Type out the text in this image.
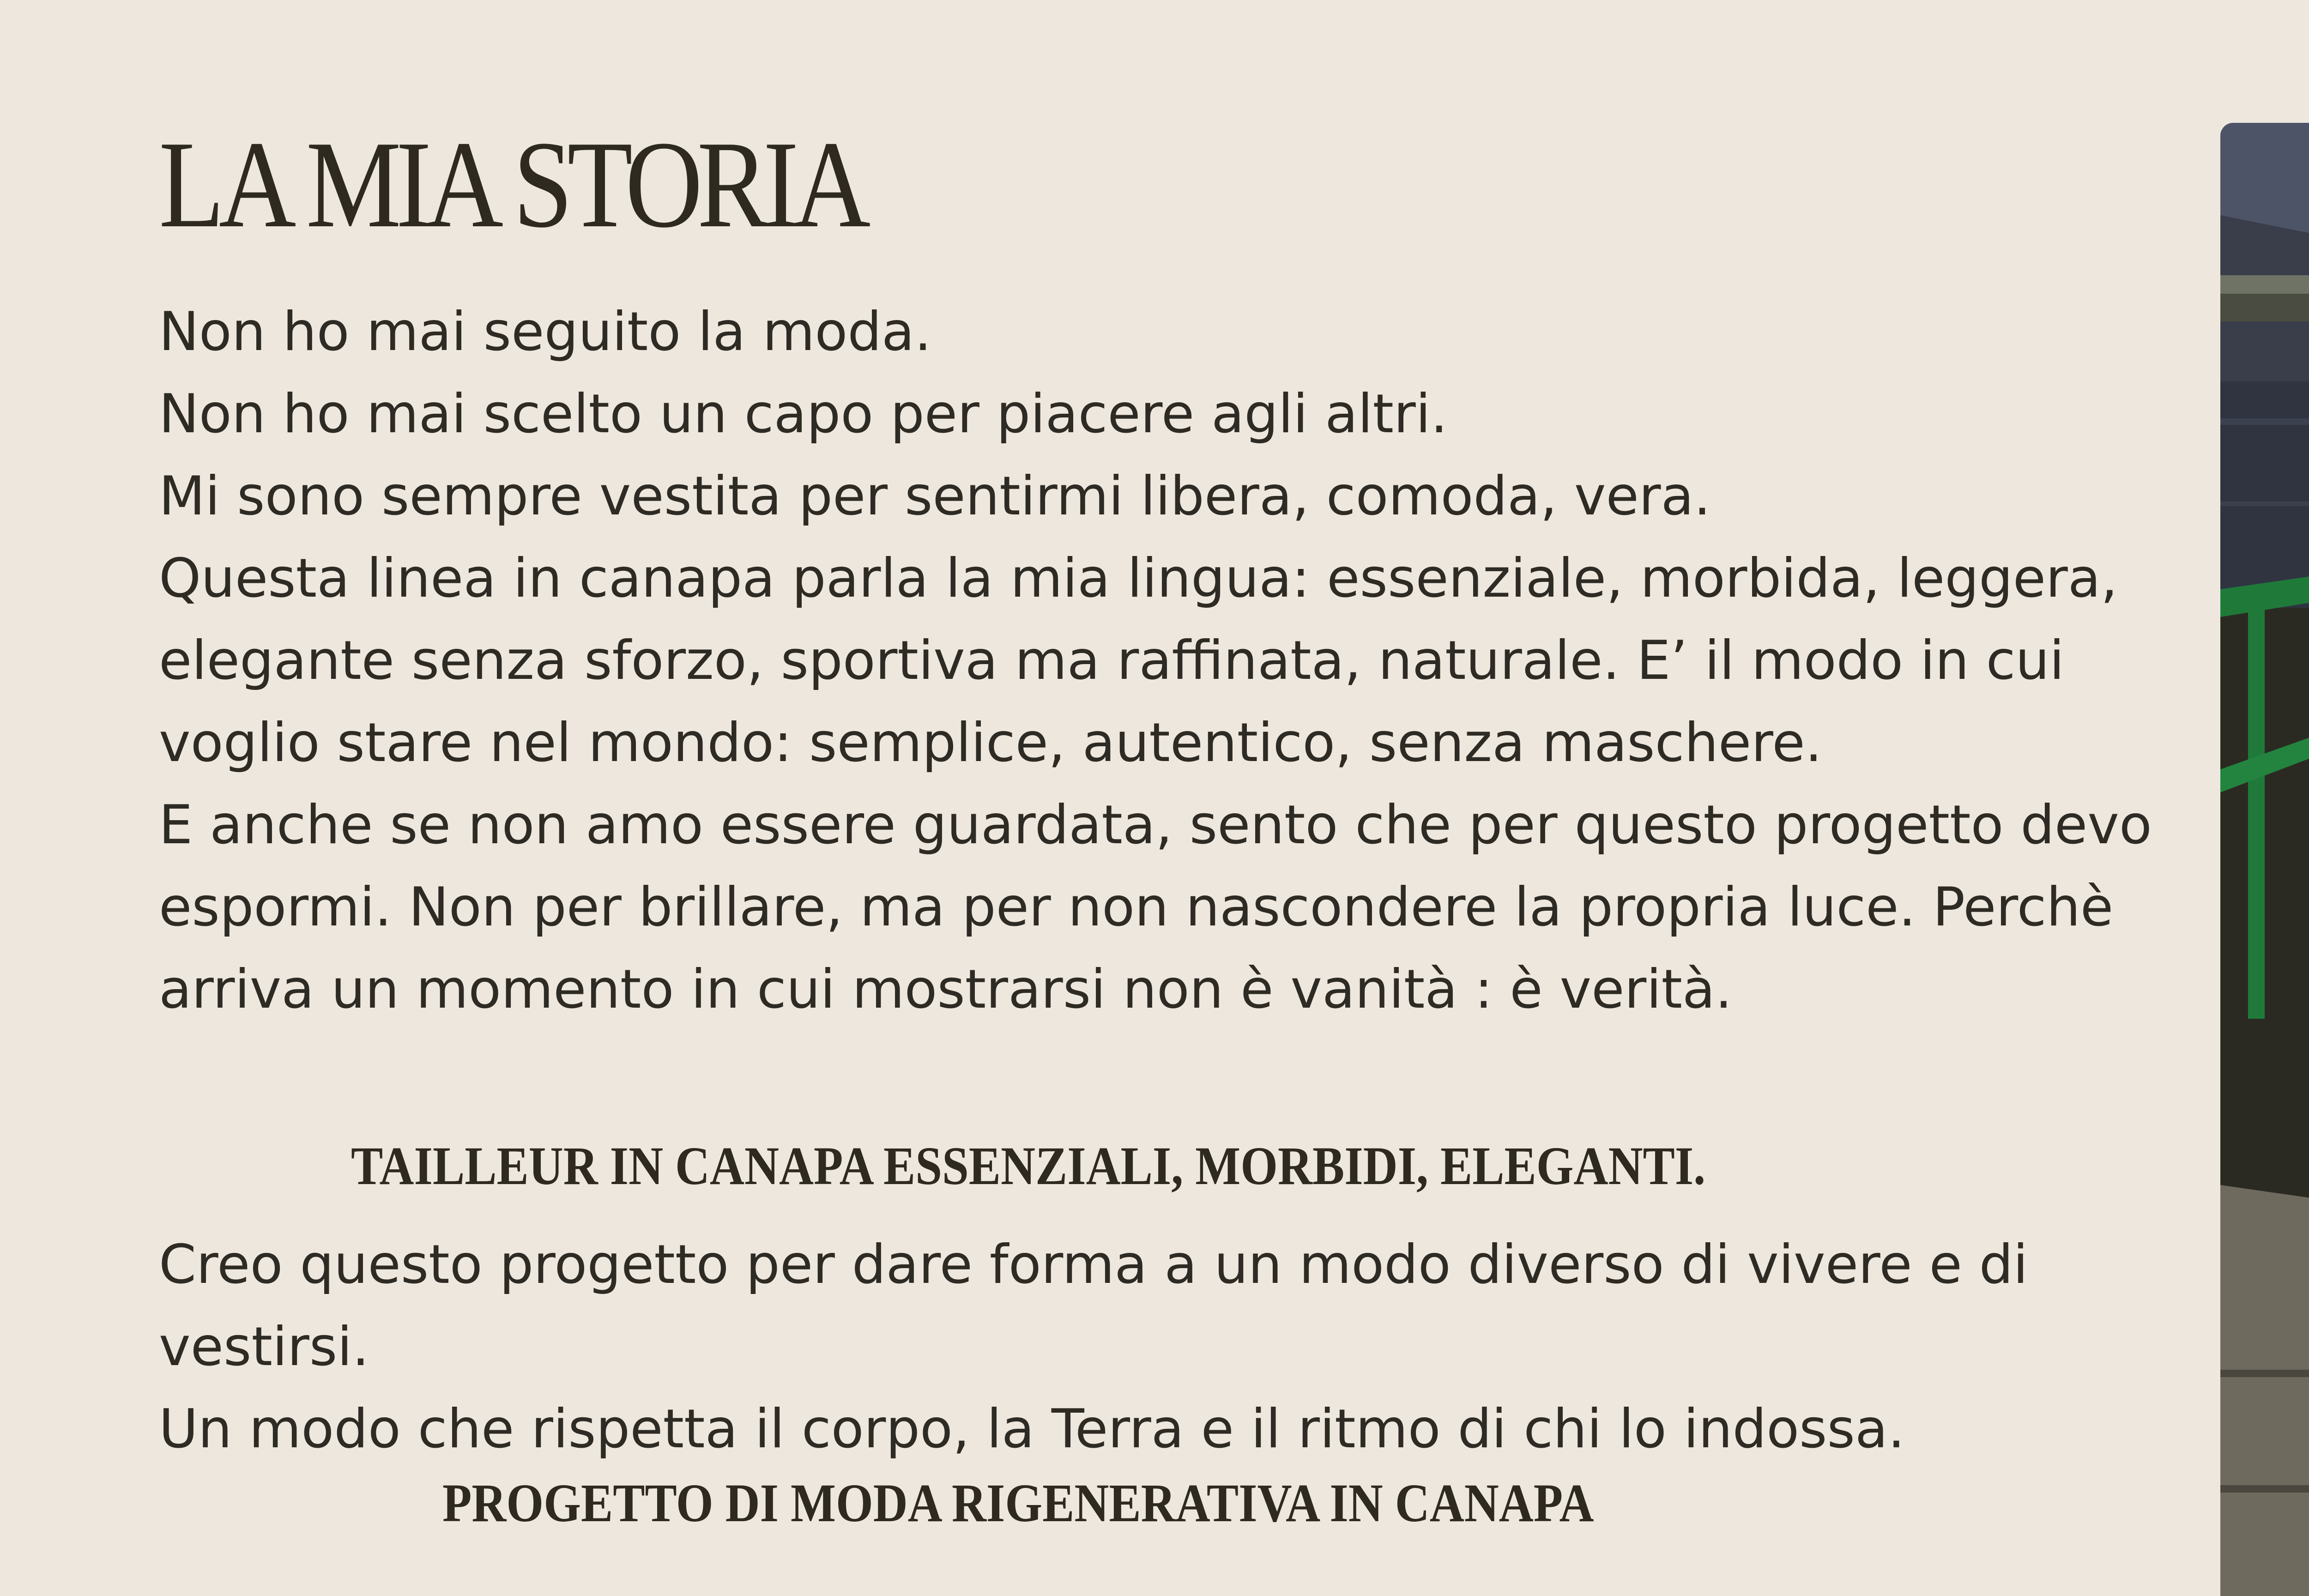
LA MIA STORIA
Non ho mai seguito la moda.
Non ho mai scelto un capo per piacere agli altri.
Mi sono sempre vestita per sentirmi libera, comoda, vera.
Questa linea in canapa parla la mia lingua: essenziale, morbida, leggera,
elegante senza sforzo, sportiva ma raffinata, naturale. E’ il modo in cui
voglio stare nel mondo: semplice, autentico, senza maschere.
E anche se non amo essere guardata, sento che per questo progetto devo
espormi. Non per brillare, ma per non nascondere la propria luce. Perchè
arriva un momento in cui mostrarsi non è vanità : è verità.
TAILLEUR IN CANAPA ESSENZIALI, MORBIDI, ELEGANTI.
Creo questo progetto per dare forma a un modo diverso di vivere e di
vestirsi.
Un modo che rispetta il corpo, la Terra e il ritmo di chi lo indossa.
PROGETTO DI MODA RIGENERATIVA IN CANAPA
